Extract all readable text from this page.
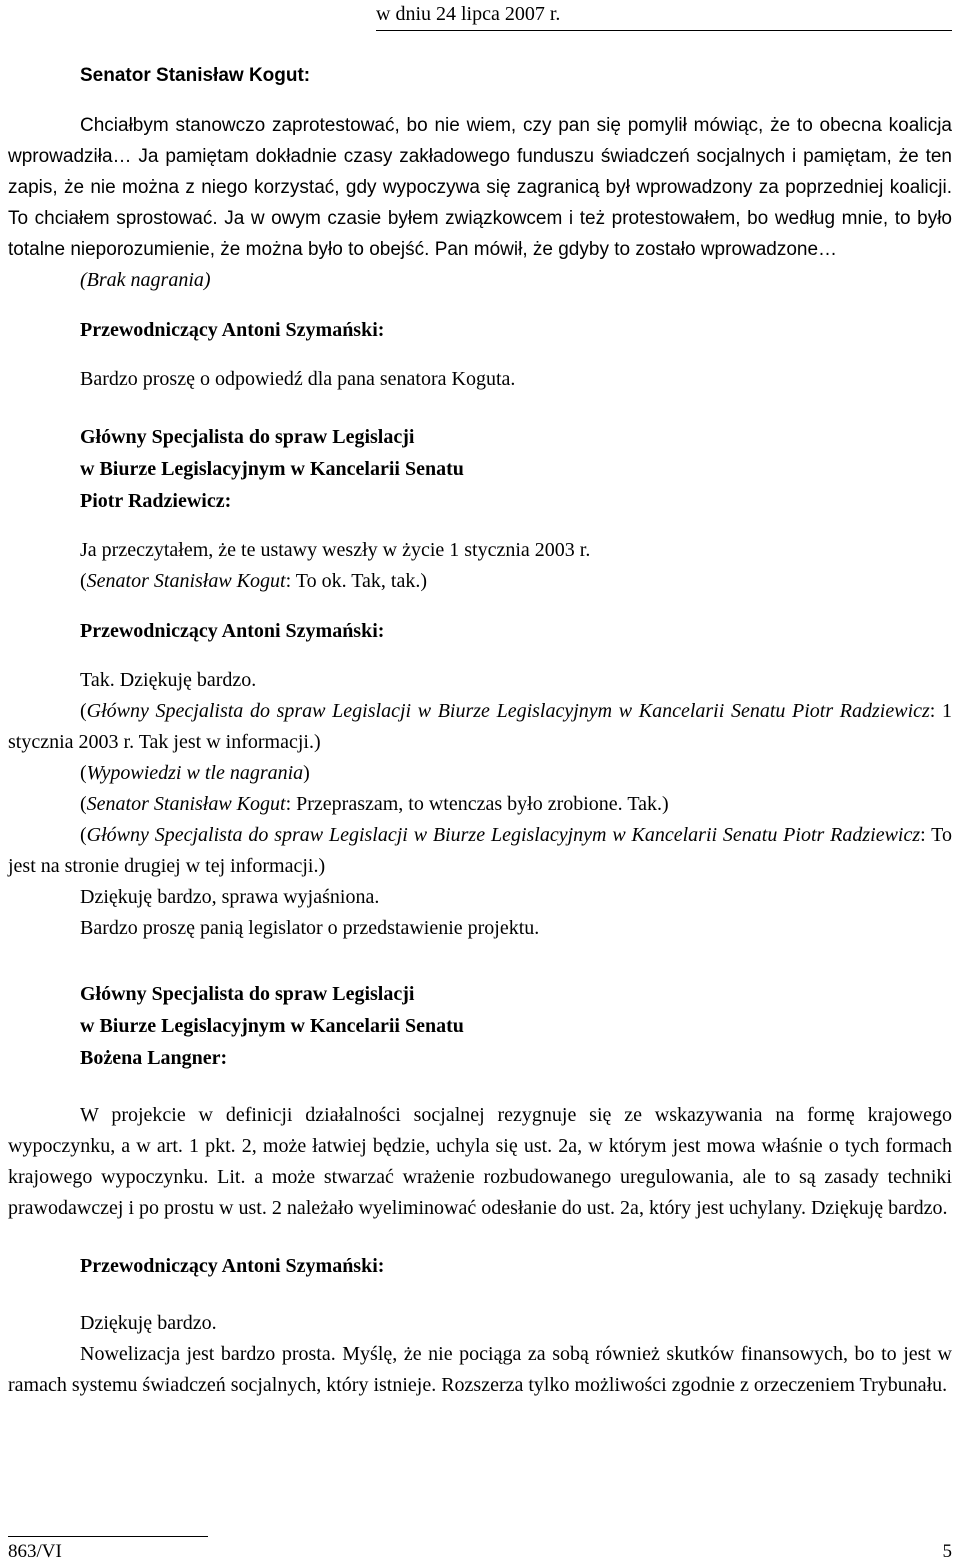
w dniu 24 lipca 2007 r.
Senator Stanisław Kogut:

Chciałbym stanowczo zaprotestować, bo nie wiem, czy pan się pomylił mówiąc, że to obecna koalicja wprowadziła… Ja pamiętam dokładnie czasy zakładowego funduszu świadczeń socjalnych i pamiętam, że ten zapis, że nie można z niego korzystać, gdy wypoczywa się zagranicą był wprowadzony za poprzedniej koalicji. To chciałem sprostować. Ja w owym czasie byłem związkowcem i też protestowałem, bo według mnie, to było totalne nieporozumienie, że można było to obejść. Pan mówił, że gdyby to zostało wprowadzone…

(Brak nagrania)

Przewodniczący Antoni Szymański:

Bardzo proszę o odpowiedź dla pana senatora Koguta.

Główny Specjalista do spraw Legislacji
w Biurze Legislacyjnym w Kancelarii Senatu
Piotr Radziewicz:

Ja przeczytałem, że te ustawy weszły w życie 1 stycznia 2003 r.

(Senator Stanisław Kogut: To ok. Tak, tak.)

Przewodniczący Antoni Szymański:

Tak. Dziękuję bardzo.

(Główny Specjalista do spraw Legislacji w Biurze Legislacyjnym w Kancelarii Senatu Piotr Radziewicz: 1 stycznia 2003 r. Tak jest w informacji.)

(Wypowiedzi w tle nagrania)

(Senator Stanisław Kogut: Przepraszam, to wtenczas było zrobione. Tak.)

(Główny Specjalista do spraw Legislacji w Biurze Legislacyjnym w Kancelarii Senatu Piotr Radziewicz: To jest na stronie drugiej w tej informacji.)

Dziękuję bardzo, sprawa wyjaśniona.

Bardzo proszę panią legislator o przedstawienie projektu.

Główny Specjalista do spraw Legislacji
w Biurze Legislacyjnym w Kancelarii Senatu
Bożena Langner:

W projekcie w definicji działalności socjalnej rezygnuje się ze wskazywania na formę krajowego wypoczynku, a w art. 1 pkt. 2, może łatwiej będzie, uchyla się ust. 2a, w którym jest mowa właśnie o tych formach krajowego wypoczynku. Lit. a może stwarzać wrażenie rozbudowanego uregulowania, ale to są zasady techniki prawodawczej i po prostu w ust. 2 należało wyeliminować odesłanie do ust. 2a, który jest uchylany. Dziękuję bardzo.

Przewodniczący Antoni Szymański:

Dziękuję bardzo.

Nowelizacja jest bardzo prosta. Myślę, że nie pociąga za sobą również skutków finansowych, bo to jest w ramach systemu świadczeń socjalnych, który istnieje. Rozszerza tylko możliwości zgodnie z orzeczeniem Trybunału.

863/VI	5
